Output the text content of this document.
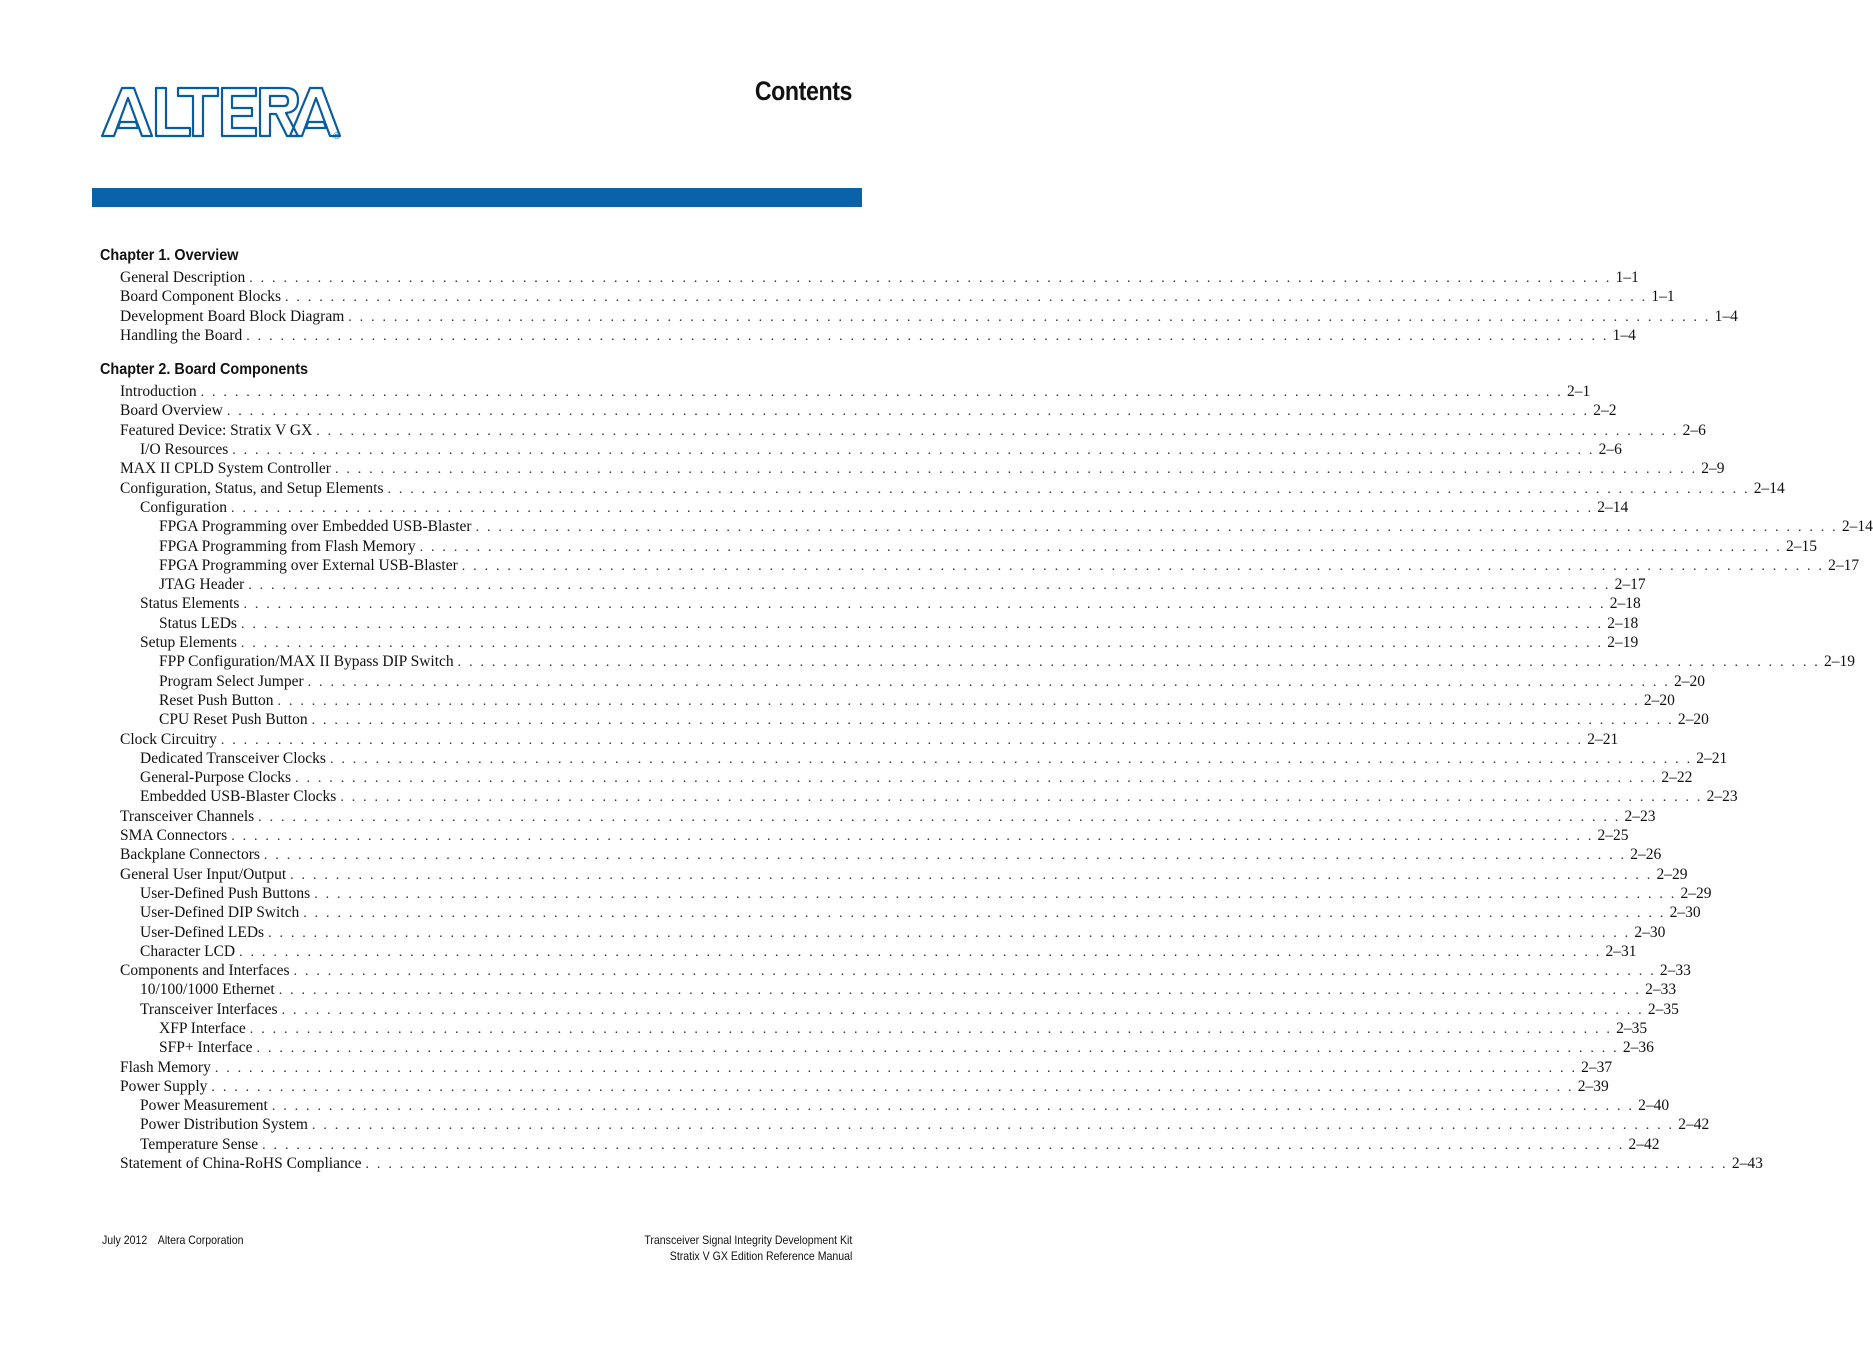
®
Contents
Chapter 1. Overview
General Description . . . . . . . . . . . . . . . . . . . . . . . . . . . . . . . . . . . . . . . . . . . . . . . . . . . . . . . . . . . . . . . . . . . . . . . . . . . . . . . . . . . . . . . . . . . . . . . . . . . . . . . . . . . . . . . . . . . . . . . . 1–1
Board Component Blocks . . . . . . . . . . . . . . . . . . . . . . . . . . . . . . . . . . . . . . . . . . . . . . . . . . . . . . . . . . . . . . . . . . . . . . . . . . . . . . . . . . . . . . . . . . . . . . . . . . . . . . . . . . . . . . . . . . . . . . . . 1–1
Development Board Block Diagram . . . . . . . . . . . . . . . . . . . . . . . . . . . . . . . . . . . . . . . . . . . . . . . . . . . . . . . . . . . . . . . . . . . . . . . . . . . . . . . . . . . . . . . . . . . . . . . . . . . . . . . . . . . . . . . . . . . . . . . . 1–4
Handling the Board . . . . . . . . . . . . . . . . . . . . . . . . . . . . . . . . . . . . . . . . . . . . . . . . . . . . . . . . . . . . . . . . . . . . . . . . . . . . . . . . . . . . . . . . . . . . . . . . . . . . . . . . . . . . . . . . . . . . . . . . 1–4
Chapter 2. Board Components
Introduction . . . . . . . . . . . . . . . . . . . . . . . . . . . . . . . . . . . . . . . . . . . . . . . . . . . . . . . . . . . . . . . . . . . . . . . . . . . . . . . . . . . . . . . . . . . . . . . . . . . . . . . . . . . . . . . . . . . . . . . . 2–1
Board Overview . . . . . . . . . . . . . . . . . . . . . . . . . . . . . . . . . . . . . . . . . . . . . . . . . . . . . . . . . . . . . . . . . . . . . . . . . . . . . . . . . . . . . . . . . . . . . . . . . . . . . . . . . . . . . . . . . . . . . . . . 2–2
Featured Device: Stratix V GX . . . . . . . . . . . . . . . . . . . . . . . . . . . . . . . . . . . . . . . . . . . . . . . . . . . . . . . . . . . . . . . . . . . . . . . . . . . . . . . . . . . . . . . . . . . . . . . . . . . . . . . . . . . . . . . . . . . . . . . . 2–6
I/O Resources . . . . . . . . . . . . . . . . . . . . . . . . . . . . . . . . . . . . . . . . . . . . . . . . . . . . . . . . . . . . . . . . . . . . . . . . . . . . . . . . . . . . . . . . . . . . . . . . . . . . . . . . . . . . . . . . . . . . . . . . 2–6
MAX II CPLD System Controller . . . . . . . . . . . . . . . . . . . . . . . . . . . . . . . . . . . . . . . . . . . . . . . . . . . . . . . . . . . . . . . . . . . . . . . . . . . . . . . . . . . . . . . . . . . . . . . . . . . . . . . . . . . . . . . . . . . . . . . . 2–9
Configuration, Status, and Setup Elements . . . . . . . . . . . . . . . . . . . . . . . . . . . . . . . . . . . . . . . . . . . . . . . . . . . . . . . . . . . . . . . . . . . . . . . . . . . . . . . . . . . . . . . . . . . . . . . . . . . . . . . . . . . . . . . . . . . . . . . . 2–14
Configuration . . . . . . . . . . . . . . . . . . . . . . . . . . . . . . . . . . . . . . . . . . . . . . . . . . . . . . . . . . . . . . . . . . . . . . . . . . . . . . . . . . . . . . . . . . . . . . . . . . . . . . . . . . . . . . . . . . . . . . . . 2–14
FPGA Programming over Embedded USB-Blaster . . . . . . . . . . . . . . . . . . . . . . . . . . . . . . . . . . . . . . . . . . . . . . . . . . . . . . . . . . . . . . . . . . . . . . . . . . . . . . . . . . . . . . . . . . . . . . . . . . . . . . . . . . . . . . . . . . . . . . . . 2–14
FPGA Programming from Flash Memory . . . . . . . . . . . . . . . . . . . . . . . . . . . . . . . . . . . . . . . . . . . . . . . . . . . . . . . . . . . . . . . . . . . . . . . . . . . . . . . . . . . . . . . . . . . . . . . . . . . . . . . . . . . . . . . . . . . . . . . . 2–15
FPGA Programming over External USB-Blaster . . . . . . . . . . . . . . . . . . . . . . . . . . . . . . . . . . . . . . . . . . . . . . . . . . . . . . . . . . . . . . . . . . . . . . . . . . . . . . . . . . . . . . . . . . . . . . . . . . . . . . . . . . . . . . . . . . . . . . . . 2–17
JTAG Header . . . . . . . . . . . . . . . . . . . . . . . . . . . . . . . . . . . . . . . . . . . . . . . . . . . . . . . . . . . . . . . . . . . . . . . . . . . . . . . . . . . . . . . . . . . . . . . . . . . . . . . . . . . . . . . . . . . . . . . . 2–17
Status Elements . . . . . . . . . . . . . . . . . . . . . . . . . . . . . . . . . . . . . . . . . . . . . . . . . . . . . . . . . . . . . . . . . . . . . . . . . . . . . . . . . . . . . . . . . . . . . . . . . . . . . . . . . . . . . . . . . . . . . . . . 2–18
Status LEDs . . . . . . . . . . . . . . . . . . . . . . . . . . . . . . . . . . . . . . . . . . . . . . . . . . . . . . . . . . . . . . . . . . . . . . . . . . . . . . . . . . . . . . . . . . . . . . . . . . . . . . . . . . . . . . . . . . . . . . . . 2–18
Setup Elements . . . . . . . . . . . . . . . . . . . . . . . . . . . . . . . . . . . . . . . . . . . . . . . . . . . . . . . . . . . . . . . . . . . . . . . . . . . . . . . . . . . . . . . . . . . . . . . . . . . . . . . . . . . . . . . . . . . . . . . . 2–19
FPP Configuration/MAX II Bypass DIP Switch . . . . . . . . . . . . . . . . . . . . . . . . . . . . . . . . . . . . . . . . . . . . . . . . . . . . . . . . . . . . . . . . . . . . . . . . . . . . . . . . . . . . . . . . . . . . . . . . . . . . . . . . . . . . . . . . . . . . . . . . 2–19
Program Select Jumper . . . . . . . . . . . . . . . . . . . . . . . . . . . . . . . . . . . . . . . . . . . . . . . . . . . . . . . . . . . . . . . . . . . . . . . . . . . . . . . . . . . . . . . . . . . . . . . . . . . . . . . . . . . . . . . . . . . . . . . . 2–20
Reset Push Button . . . . . . . . . . . . . . . . . . . . . . . . . . . . . . . . . . . . . . . . . . . . . . . . . . . . . . . . . . . . . . . . . . . . . . . . . . . . . . . . . . . . . . . . . . . . . . . . . . . . . . . . . . . . . . . . . . . . . . . . 2–20
CPU Reset Push Button . . . . . . . . . . . . . . . . . . . . . . . . . . . . . . . . . . . . . . . . . . . . . . . . . . . . . . . . . . . . . . . . . . . . . . . . . . . . . . . . . . . . . . . . . . . . . . . . . . . . . . . . . . . . . . . . . . . . . . . . 2–20
Clock Circuitry . . . . . . . . . . . . . . . . . . . . . . . . . . . . . . . . . . . . . . . . . . . . . . . . . . . . . . . . . . . . . . . . . . . . . . . . . . . . . . . . . . . . . . . . . . . . . . . . . . . . . . . . . . . . . . . . . . . . . . . . 2–21
Dedicated Transceiver Clocks . . . . . . . . . . . . . . . . . . . . . . . . . . . . . . . . . . . . . . . . . . . . . . . . . . . . . . . . . . . . . . . . . . . . . . . . . . . . . . . . . . . . . . . . . . . . . . . . . . . . . . . . . . . . . . . . . . . . . . . . 2–21
General-Purpose Clocks . . . . . . . . . . . . . . . . . . . . . . . . . . . . . . . . . . . . . . . . . . . . . . . . . . . . . . . . . . . . . . . . . . . . . . . . . . . . . . . . . . . . . . . . . . . . . . . . . . . . . . . . . . . . . . . . . . . . . . . . 2–22
Embedded USB-Blaster Clocks . . . . . . . . . . . . . . . . . . . . . . . . . . . . . . . . . . . . . . . . . . . . . . . . . . . . . . . . . . . . . . . . . . . . . . . . . . . . . . . . . . . . . . . . . . . . . . . . . . . . . . . . . . . . . . . . . . . . . . . . 2–23
Transceiver Channels . . . . . . . . . . . . . . . . . . . . . . . . . . . . . . . . . . . . . . . . . . . . . . . . . . . . . . . . . . . . . . . . . . . . . . . . . . . . . . . . . . . . . . . . . . . . . . . . . . . . . . . . . . . . . . . . . . . . . . . . 2–23
SMA Connectors . . . . . . . . . . . . . . . . . . . . . . . . . . . . . . . . . . . . . . . . . . . . . . . . . . . . . . . . . . . . . . . . . . . . . . . . . . . . . . . . . . . . . . . . . . . . . . . . . . . . . . . . . . . . . . . . . . . . . . . . 2–25
Backplane Connectors . . . . . . . . . . . . . . . . . . . . . . . . . . . . . . . . . . . . . . . . . . . . . . . . . . . . . . . . . . . . . . . . . . . . . . . . . . . . . . . . . . . . . . . . . . . . . . . . . . . . . . . . . . . . . . . . . . . . . . . . 2–26
General User Input/Output . . . . . . . . . . . . . . . . . . . . . . . . . . . . . . . . . . . . . . . . . . . . . . . . . . . . . . . . . . . . . . . . . . . . . . . . . . . . . . . . . . . . . . . . . . . . . . . . . . . . . . . . . . . . . . . . . . . . . . . . 2–29
User-Defined Push Buttons . . . . . . . . . . . . . . . . . . . . . . . . . . . . . . . . . . . . . . . . . . . . . . . . . . . . . . . . . . . . . . . . . . . . . . . . . . . . . . . . . . . . . . . . . . . . . . . . . . . . . . . . . . . . . . . . . . . . . . . . 2–29
User-Defined DIP Switch . . . . . . . . . . . . . . . . . . . . . . . . . . . . . . . . . . . . . . . . . . . . . . . . . . . . . . . . . . . . . . . . . . . . . . . . . . . . . . . . . . . . . . . . . . . . . . . . . . . . . . . . . . . . . . . . . . . . . . . . 2–30
User-Defined LEDs . . . . . . . . . . . . . . . . . . . . . . . . . . . . . . . . . . . . . . . . . . . . . . . . . . . . . . . . . . . . . . . . . . . . . . . . . . . . . . . . . . . . . . . . . . . . . . . . . . . . . . . . . . . . . . . . . . . . . . . . 2–30
Character LCD . . . . . . . . . . . . . . . . . . . . . . . . . . . . . . . . . . . . . . . . . . . . . . . . . . . . . . . . . . . . . . . . . . . . . . . . . . . . . . . . . . . . . . . . . . . . . . . . . . . . . . . . . . . . . . . . . . . . . . . . 2–31
Components and Interfaces . . . . . . . . . . . . . . . . . . . . . . . . . . . . . . . . . . . . . . . . . . . . . . . . . . . . . . . . . . . . . . . . . . . . . . . . . . . . . . . . . . . . . . . . . . . . . . . . . . . . . . . . . . . . . . . . . . . . . . . . 2–33
10/100/1000 Ethernet . . . . . . . . . . . . . . . . . . . . . . . . . . . . . . . . . . . . . . . . . . . . . . . . . . . . . . . . . . . . . . . . . . . . . . . . . . . . . . . . . . . . . . . . . . . . . . . . . . . . . . . . . . . . . . . . . . . . . . . . 2–33
Transceiver Interfaces . . . . . . . . . . . . . . . . . . . . . . . . . . . . . . . . . . . . . . . . . . . . . . . . . . . . . . . . . . . . . . . . . . . . . . . . . . . . . . . . . . . . . . . . . . . . . . . . . . . . . . . . . . . . . . . . . . . . . . . . 2–35
XFP Interface . . . . . . . . . . . . . . . . . . . . . . . . . . . . . . . . . . . . . . . . . . . . . . . . . . . . . . . . . . . . . . . . . . . . . . . . . . . . . . . . . . . . . . . . . . . . . . . . . . . . . . . . . . . . . . . . . . . . . . . . 2–35
SFP+ Interface . . . . . . . . . . . . . . . . . . . . . . . . . . . . . . . . . . . . . . . . . . . . . . . . . . . . . . . . . . . . . . . . . . . . . . . . . . . . . . . . . . . . . . . . . . . . . . . . . . . . . . . . . . . . . . . . . . . . . . . . 2–36
Flash Memory . . . . . . . . . . . . . . . . . . . . . . . . . . . . . . . . . . . . . . . . . . . . . . . . . . . . . . . . . . . . . . . . . . . . . . . . . . . . . . . . . . . . . . . . . . . . . . . . . . . . . . . . . . . . . . . . . . . . . . . . 2–37
Power Supply . . . . . . . . . . . . . . . . . . . . . . . . . . . . . . . . . . . . . . . . . . . . . . . . . . . . . . . . . . . . . . . . . . . . . . . . . . . . . . . . . . . . . . . . . . . . . . . . . . . . . . . . . . . . . . . . . . . . . . . . 2–39
Power Measurement . . . . . . . . . . . . . . . . . . . . . . . . . . . . . . . . . . . . . . . . . . . . . . . . . . . . . . . . . . . . . . . . . . . . . . . . . . . . . . . . . . . . . . . . . . . . . . . . . . . . . . . . . . . . . . . . . . . . . . . . 2–40
Power Distribution System . . . . . . . . . . . . . . . . . . . . . . . . . . . . . . . . . . . . . . . . . . . . . . . . . . . . . . . . . . . . . . . . . . . . . . . . . . . . . . . . . . . . . . . . . . . . . . . . . . . . . . . . . . . . . . . . . . . . . . . . 2–42
Temperature Sense . . . . . . . . . . . . . . . . . . . . . . . . . . . . . . . . . . . . . . . . . . . . . . . . . . . . . . . . . . . . . . . . . . . . . . . . . . . . . . . . . . . . . . . . . . . . . . . . . . . . . . . . . . . . . . . . . . . . . . . . 2–42
Statement of China-RoHS Compliance . . . . . . . . . . . . . . . . . . . . . . . . . . . . . . . . . . . . . . . . . . . . . . . . . . . . . . . . . . . . . . . . . . . . . . . . . . . . . . . . . . . . . . . . . . . . . . . . . . . . . . . . . . . . . . . . . . . . . . . . 2–43
July 2012 Altera Corporation	Transceiver Signal Integrity Development Kit
Stratix V GX Edition Reference Manual
